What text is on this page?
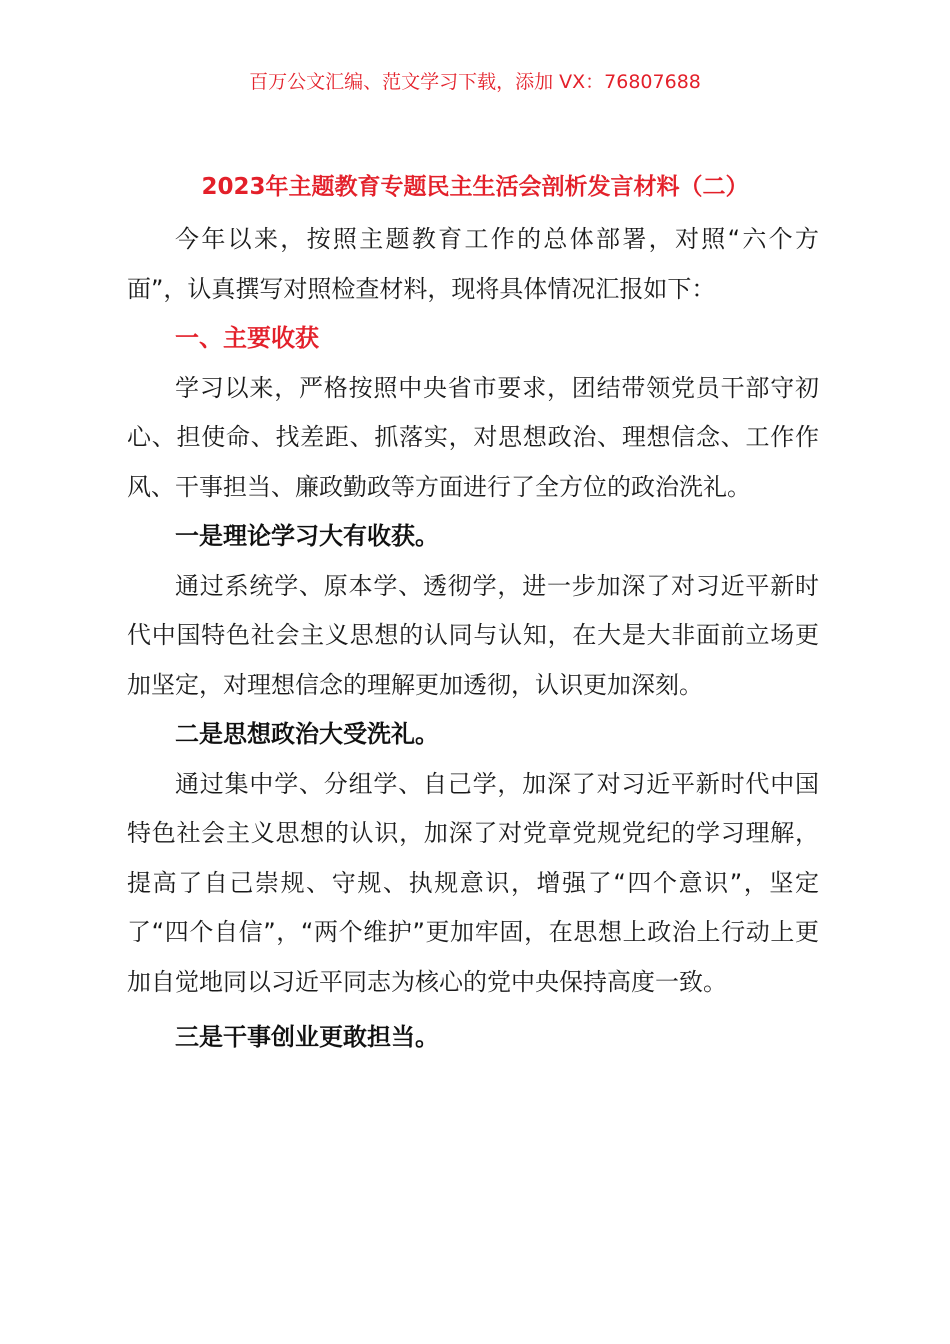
百万公文汇编、范文学习下载，添加 VX：76807688
2023年主题教育专题民主生活会剖析发言材料（二）

今年以来，按照主题教育工作的总体部署，对照“六个方面”，认真撰写对照检查材料，现将具体情况汇报如下：

一、主要收获

学习以来，严格按照中央省市要求，团结带领党员干部守初心、担使命、找差距、抓落实，对思想政治、理想信念、工作作风、干事担当、廉政勤政等方面进行了全方位的政治洗礼。

一是理论学习大有收获。

通过系统学、原本学、透彻学，进一步加深了对习近平新时代中国特色社会主义思想的认同与认知，在大是大非面前立场更加坚定，对理想信念的理解更加透彻，认识更加深刻。

二是思想政治大受洗礼。

通过集中学、分组学、自己学，加深了对习近平新时代中国特色社会主义思想的认识，加深了对党章党规党纪的学习理解，提高了自己崇规、守规、执规意识，增强了“四个意识”，坚定了“四个自信”，“两个维护”更加牢固，在思想上政治上行动上更加自觉地同以习近平同志为核心的党中央保持高度一致。

三是干事创业更敢担当。
